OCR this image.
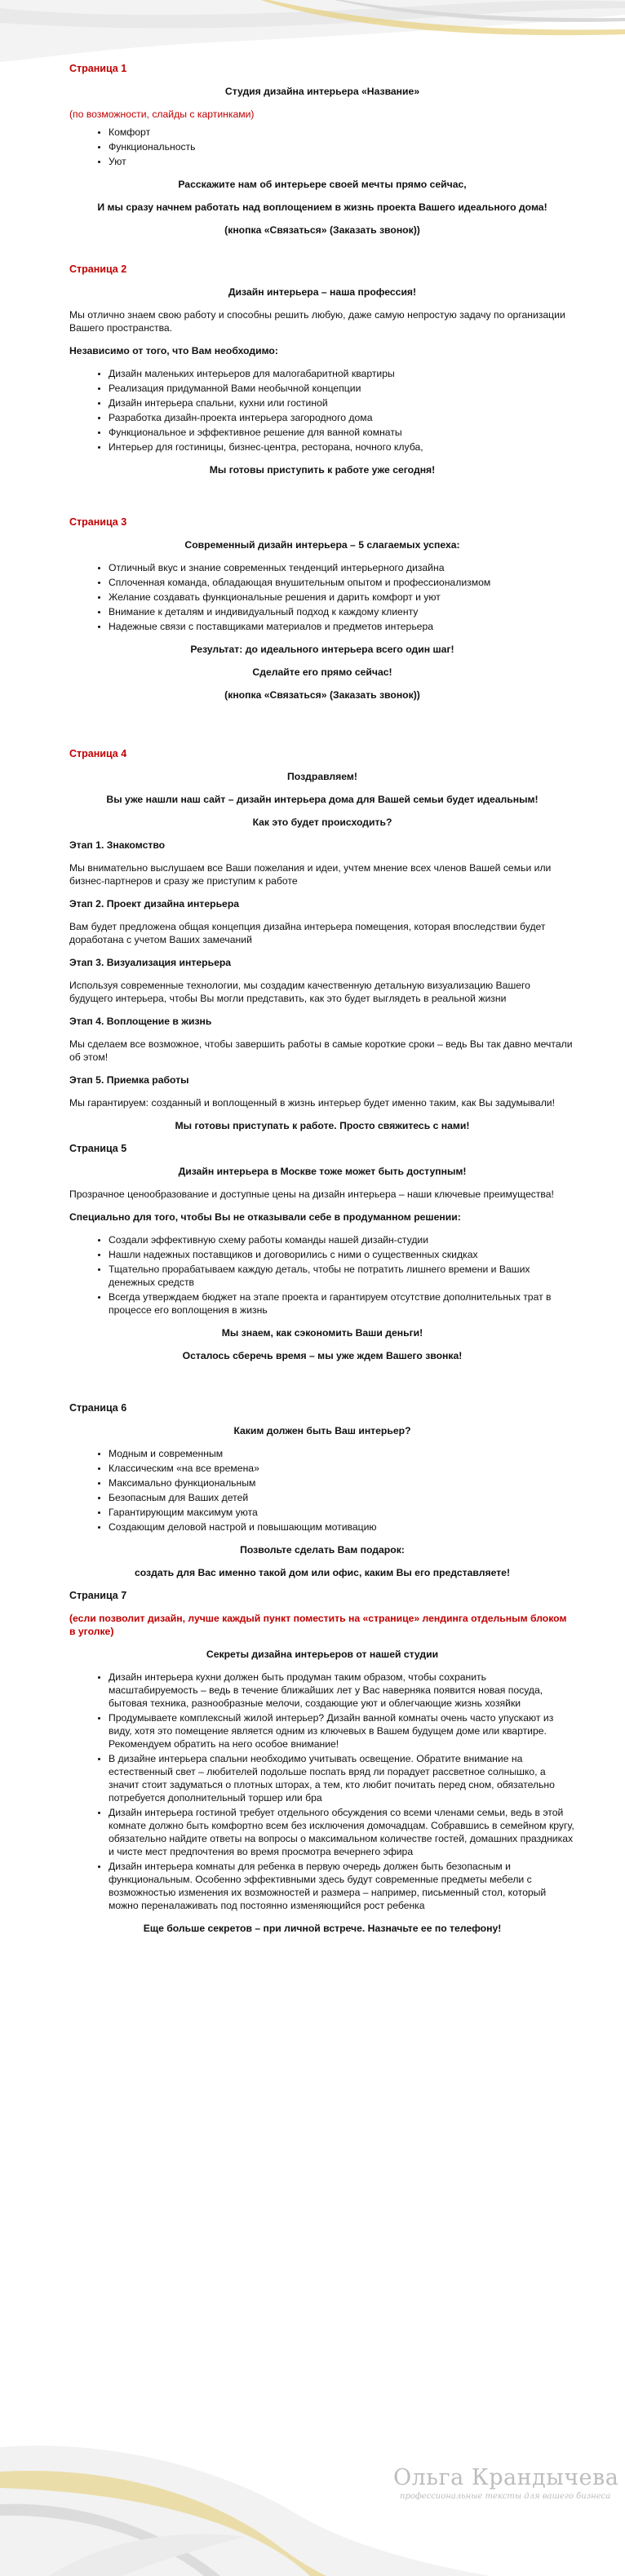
Страница 1
Студия дизайна интерьера «Название»

(по возможности, слайды с картинками)

• Комфорт
• Функциональность
• Уют
Расскажите нам об интерьере своей мечты прямо сейчас,
И мы сразу начнем работать над воплощением в жизнь проекта Вашего идеального дома!
(кнопка «Связаться» (Заказать звонок))
Страница 2
Дизайн интерьера – наша профессия!

Мы отлично знаем свою работу и способны решить любую, даже самую непростую задачу по организации Вашего пространства.

Независимо от того, что Вам необходимо:

• Дизайн маленьких интерьеров для малогабаритной квартиры
• Реализация придуманной Вами необычной концепции
• Дизайн интерьера спальни, кухни или гостиной
• Разработка дизайн-проекта интерьера загородного дома
• Функциональное и эффективное решение для ванной комнаты
• Интерьер для гостиницы, бизнес-центра, ресторана, ночного клуба,
Мы готовы приступить к работе уже сегодня!
Страница 3
Современный дизайн интерьера – 5 слагаемых успеха:
• Отличный вкус и знание современных тенденций интерьерного дизайна
• Сплоченная команда, обладающая внушительным опытом и профессионализмом
• Желание создавать функциональные решения и дарить комфорт и уют
• Внимание к деталям и индивидуальный подход к каждому клиенту
• Надежные связи с поставщиками материалов и предметов интерьера
Результат: до идеального интерьера всего один шаг!
Сделайте его прямо сейчас!
(кнопка «Связаться» (Заказать звонок))
Страница 4
Поздравляем!
Вы уже нашли наш сайт – дизайн интерьера дома для Вашей семьи будет идеальным!
Как это будет происходить?

Этап 1. Знакомство

Мы внимательно выслушаем все Ваши пожелания и идеи, учтем мнение всех членов Вашей семьи или бизнес-партнеров и сразу же приступим к работе

Этап 2. Проект дизайна интерьера

Вам будет предложена общая концепция дизайна интерьера помещения, которая впоследствии будет доработана с учетом Ваших замечаний

Этап 3. Визуализация интерьера

Используя современные технологии, мы создадим качественную детальную визуализацию Вашего будущего интерьера, чтобы Вы могли представить, как это будет выглядеть в реальной жизни

Этап 4. Воплощение в жизнь

Мы сделаем все возможное, чтобы завершить работы в самые короткие сроки – ведь Вы так давно мечтали об этом!

Этап 5. Приемка работы

Мы гарантируем: созданный и воплощенный в жизнь интерьер будет именно таким, как Вы задумывали!

Мы готовы приступать к работе. Просто свяжитесь с нами!
Страница 5
Дизайн интерьера в Москве тоже может быть доступным!

Прозрачное ценообразование и доступные цены на дизайн интерьера – наши ключевые преимущества!

Специально для того, чтобы Вы не отказывали себе в продуманном решении:

• Создали эффективную схему работы команды нашей дизайн-студии
• Нашли надежных поставщиков и договорились с ними о существенных скидках
• Тщательно прорабатываем каждую деталь, чтобы не потратить лишнего времени и Ваших денежных средств
• Всегда утверждаем бюджет на этапе проекта и гарантируем отсутствие дополнительных трат в процессе его воплощения в жизнь
Мы знаем, как сэкономить Ваши деньги!
Осталось сберечь время – мы уже ждем Вашего звонка!
Страница 6
Каким должен быть Ваш интерьер?
• Модным и современным
• Классическим «на все времена»
• Максимально функциональным
• Безопасным для Ваших детей
• Гарантирующим максимум уюта
• Создающим деловой настрой и повышающим мотивацию
Позвольте сделать Вам подарок:
создать для Вас именно такой дом или офис, каким Вы его представляете!
Страница 7

(если позволит дизайн, лучше каждый пункт поместить на «странице» лендинга отдельным блоком в уголке)

Секреты дизайна интерьеров от нашей студии
• Дизайн интерьера кухни должен быть продуман таким образом, чтобы сохранить масштабируемость – ведь в течение ближайших лет у Вас наверняка появится новая посуда, бытовая техника, разнообразные мелочи, создающие уют и облегчающие жизнь хозяйки
• Продумываете комплексный жилой интерьер? Дизайн ванной комнаты очень часто упускают из виду, хотя это помещение является одним из ключевых в Вашем будущем доме или квартире. Рекомендуем обратить на него особое внимание!
• В дизайне интерьера спальни необходимо учитывать освещение. Обратите внимание на естественный свет – любителей подольше поспать вряд ли порадует рассветное солнышко, а значит стоит задуматься о плотных шторах, а тем, кто любит почитать перед сном, обязательно потребуется дополнительный торшер или бра
• Дизайн интерьера гостиной требует отдельного обсуждения со всеми членами семьи, ведь в этой комнате должно быть комфортно всем без исключения домочадцам. Собравшись в семейном кругу, обязательно найдите ответы на вопросы о максимальном количестве гостей, домашних праздниках и чисте мест предпочтения во время просмотра вечернего эфира
• Дизайн интерьера комнаты для ребенка в первую очередь должен быть безопасным и функциональным. Особенно эффективными здесь будут современные предметы мебели с возможностью изменения их возможностей и размера – например, письменный стол, который можно переналаживать под постоянно изменяющийся рост ребенка
Еще больше секретов – при личной встрече. Назначьте ее по телефону!
Ольга Крандычева
профессиональные тексты для вашего бизнеса
